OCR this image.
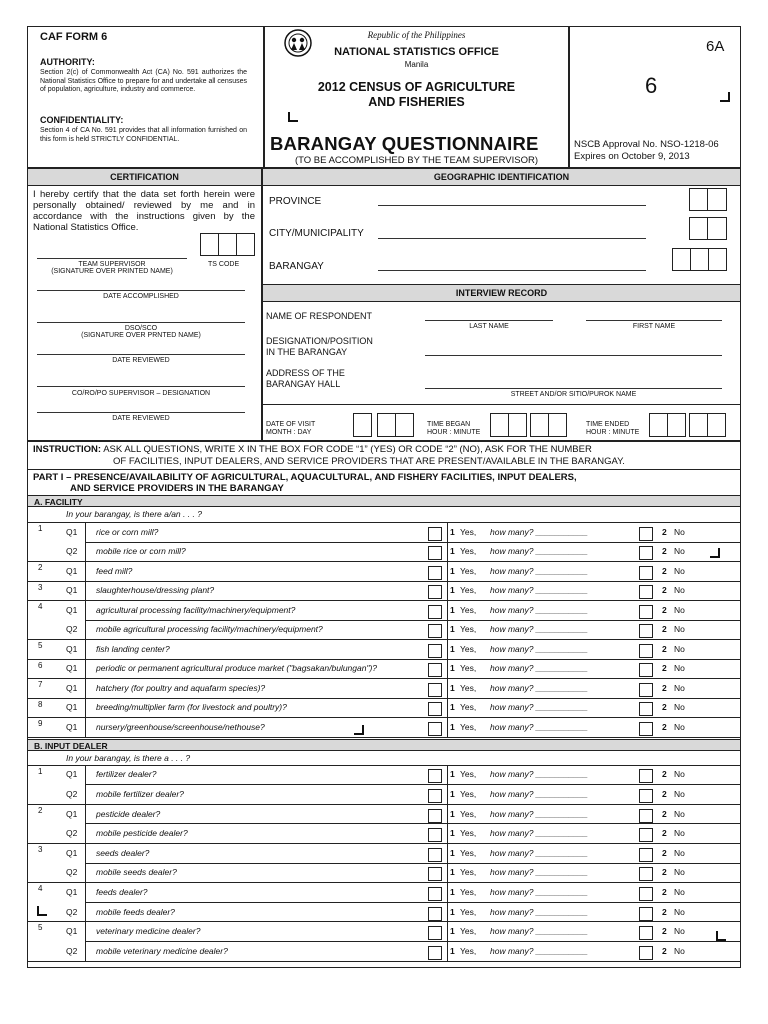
CAF FORM 6
AUTHORITY:
Section 2(c) of Commonwealth Act (CA) No. 591 authorizes the National Statistics Office to prepare for and undertake all censuses of population, agriculture, industry and commerce.
CONFIDENTIALITY:
Section 4 of CA No. 591 provides that all information furnished on this form is held STRICTLY CONFIDENTIAL.
Republic of the Philippines
NATIONAL STATISTICS OFFICE
Manila
2012 CENSUS OF AGRICULTURE
AND FISHERIES
BARANGAY QUESTIONNAIRE
(TO BE ACCOMPLISHED BY THE TEAM SUPERVISOR)
6A
6
NSCB Approval No. NSO-1218-06
Expires on October 9, 2013
CERTIFICATION	GEOGRAPHIC IDENTIFICATION
I hereby certify that the data set forth herein were personally obtained/ reviewed by me and in accordance with the instructions given by the National Statistics Office.
TEAM SUPERVISOR
(SIGNATURE OVER PRINTED NAME)
TS CODE
DATE ACCOMPLISHED
DSO/SCO
(SIGNATURE OVER PRNTED NAME)
DATE REVIEWED
CO/RO/PO SUPERVISOR – DESIGNATION
DATE REVIEWED
PROVINCE
CITY/MUNICIPALITY
BARANGAY
INTERVIEW RECORD
NAME OF RESPONDENT
LAST NAME	FIRST NAME
DESIGNATION/POSITION
IN THE BARANGAY
ADDRESS OF THE
BARANGAY HALL
STREET AND/OR SITIO/PUROK NAME
DATE OF VISIT
MONTH : DAY
TIME BEGAN
HOUR : MINUTE
TIME ENDED
HOUR : MINUTE
INSTRUCTION: ASK ALL QUESTIONS, WRITE X IN THE BOX FOR CODE “1” (YES) OR CODE “2” (NO), ASK FOR THE NUMBER
OF FACILITIES, INPUT DEALERS, AND SERVICE PROVIDERS THAT ARE PRESENT/AVAILABLE IN THE BARANGAY.
PART I – PRESENCE/AVAILABILITY OF AGRICULTURAL, AQUACULTURAL, AND FISHERY FACILITIES, INPUT DEALERS,
AND SERVICE PROVIDERS IN THE BARANGAY
A. FACILITY
In your barangay, is there a/an . . . ?
1	Q1 rice or corn mill?	1 Yes, how many? ___________	2 No
Q2 mobile rice or corn mill?	1 Yes, how many? ___________	2 No
2	Q1 feed mill?	1 Yes, how many? ___________	2 No
3	Q1 slaughterhouse/dressing plant?	1 Yes, how many? ___________	2 No
4	Q1 agricultural processing facility/machinery/equipment?	1 Yes, how many? ___________	2 No
Q2 mobile agricultural processing facility/machinery/equipment?	1 Yes, how many? ___________	2 No
5	Q1 fish landing center?	1 Yes, how many? ___________	2 No
6	Q1 periodic or permanent agricultural produce market ("bagsakan/bulungan")?	1 Yes, how many? ___________	2 No
7	Q1 hatchery (for poultry and aquafarm species)?	1 Yes, how many? ___________	2 No
8	Q1 breeding/multiplier farm (for livestock and poultry)?	1 Yes, how many? ___________	2 No
9	Q1 nursery/greenhouse/screenhouse/nethouse?	1 Yes, how many? ___________	2 No
B. INPUT DEALER
In your barangay, is there a . . . ?
1	Q1 fertilizer dealer?	1 Yes, how many? ___________	2 No
Q2 mobile fertilizer dealer?	1 Yes, how many? ___________	2 No
2	Q1 pesticide dealer?	1 Yes, how many? ___________	2 No
Q2 mobile pesticide dealer?	1 Yes, how many? ___________	2 No
3	Q1 seeds dealer?	1 Yes, how many? ___________	2 No
Q2 mobile seeds dealer?	1 Yes, how many? ___________	2 No
4	Q1 feeds dealer?	1 Yes, how many? ___________	2 No
Q2 mobile feeds dealer?	1 Yes, how many? ___________	2 No
5	Q1 veterinary medicine dealer?	1 Yes, how many? ___________	2 No
Q2 mobile veterinary medicine dealer?	1 Yes, how many? ___________	2 No
